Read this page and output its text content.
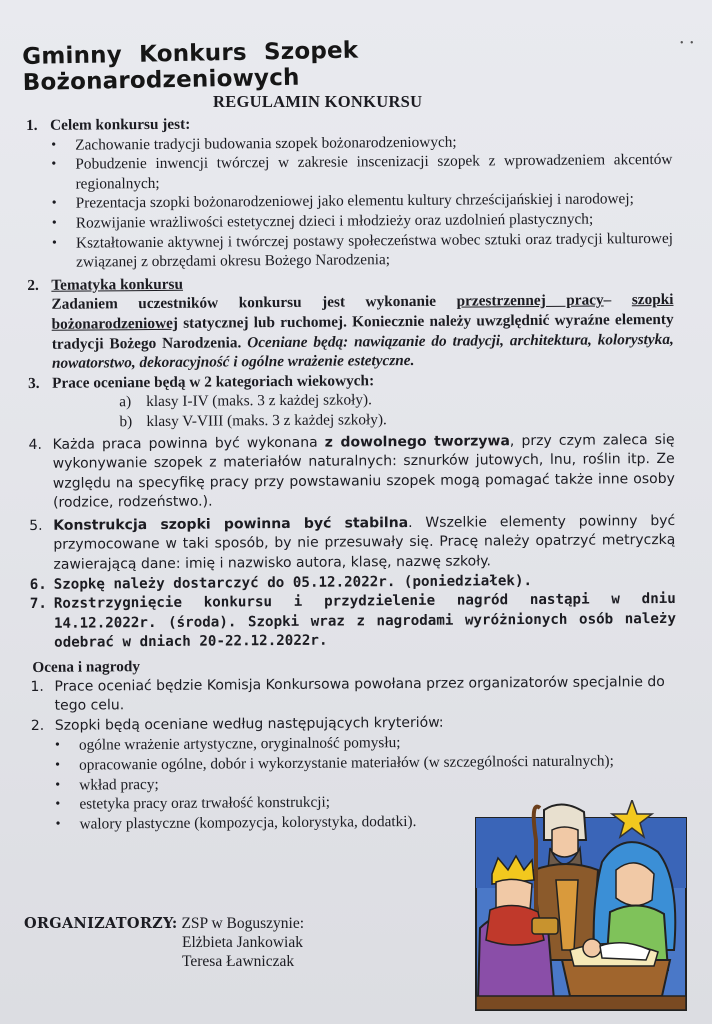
• •
Gminny Konkurs Szopek Bożonarodzeniowych
REGULAMIN KONKURSU
1. Celem konkursu jest:
• Zachowanie tradycji budowania szopek bożonarodzeniowych;
• Pobudzenie inwencji twórczej w zakresie inscenizacji szopek z wprowadzeniem akcentów regionalnych;
• Prezentacja szopki bożonarodzeniowej jako elementu kultury chrześcijańskiej i narodowej;
• Rozwijanie wrażliwości estetycznej dzieci i młodzieży oraz uzdolnień plastycznych;
• Kształtowanie aktywnej i twórczej postawy społeczeństwa wobec sztuki oraz tradycji kulturowej związanej z obrzędami okresu Bożego Narodzenia;
2. Tematyka konkursu
Zadaniem uczestników konkursu jest wykonanie przestrzennej pracy– szopki bożonarodzeniowej statycznej lub ruchomej. Koniecznie należy uwzględnić wyraźne elementy tradycji Bożego Narodzenia. Oceniane będą: nawiązanie do tradycji, architektura, kolorystyka, nowatorstwo, dekoracyjność i ogólne wrażenie estetyczne.
3. Prace oceniane będą w 2 kategoriach wiekowych:
a) klasy I-IV (maks. 3 z każdej szkoły).
b) klasy V-VIII (maks. 3 z każdej szkoły).
4. Każda praca powinna być wykonana z dowolnego tworzywa, przy czym zaleca się wykonywanie szopek z materiałów naturalnych: sznurków jutowych, lnu, roślin itp. Ze względu na specyfikę pracy przy powstawaniu szopek mogą pomagać także inne osoby (rodzice, rodzeństwo.).
5. Konstrukcja szopki powinna być stabilna. Wszelkie elementy powinny być przymocowane w taki sposób, by nie przesuwały się. Pracę należy opatrzyć metryczką zawierającą dane: imię i nazwisko autora, klasę, nazwę szkoły.
6. Szopkę należy dostarczyć do 05.12.2022r. (poniedziałek).
7. Rozstrzygnięcie konkursu i przydzielenie nagród nastąpi w dniu 14.12.2022r. (środa). Szopki wraz z nagrodami wyróżnionych osób należy odebrać w dniach 20-22.12.2022r.
Ocena i nagrody
1. Prace oceniać będzie Komisja Konkursowa powołana przez organizatorów specjalnie do tego celu.
2. Szopki będą oceniane według następujących kryteriów:
• ogólne wrażenie artystyczne, oryginalność pomysłu;
• opracowanie ogólne, dobór i wykorzystanie materiałów (w szczególności naturalnych);
• wkład pracy;
• estetyka pracy oraz trwałość konstrukcji;
• walory plastyczne (kompozycja, kolorystyka, dodatki).
ORGANIZATORZY: ZSP w Boguszynie:
Elżbieta Jankowiak
Teresa Ławniczak
